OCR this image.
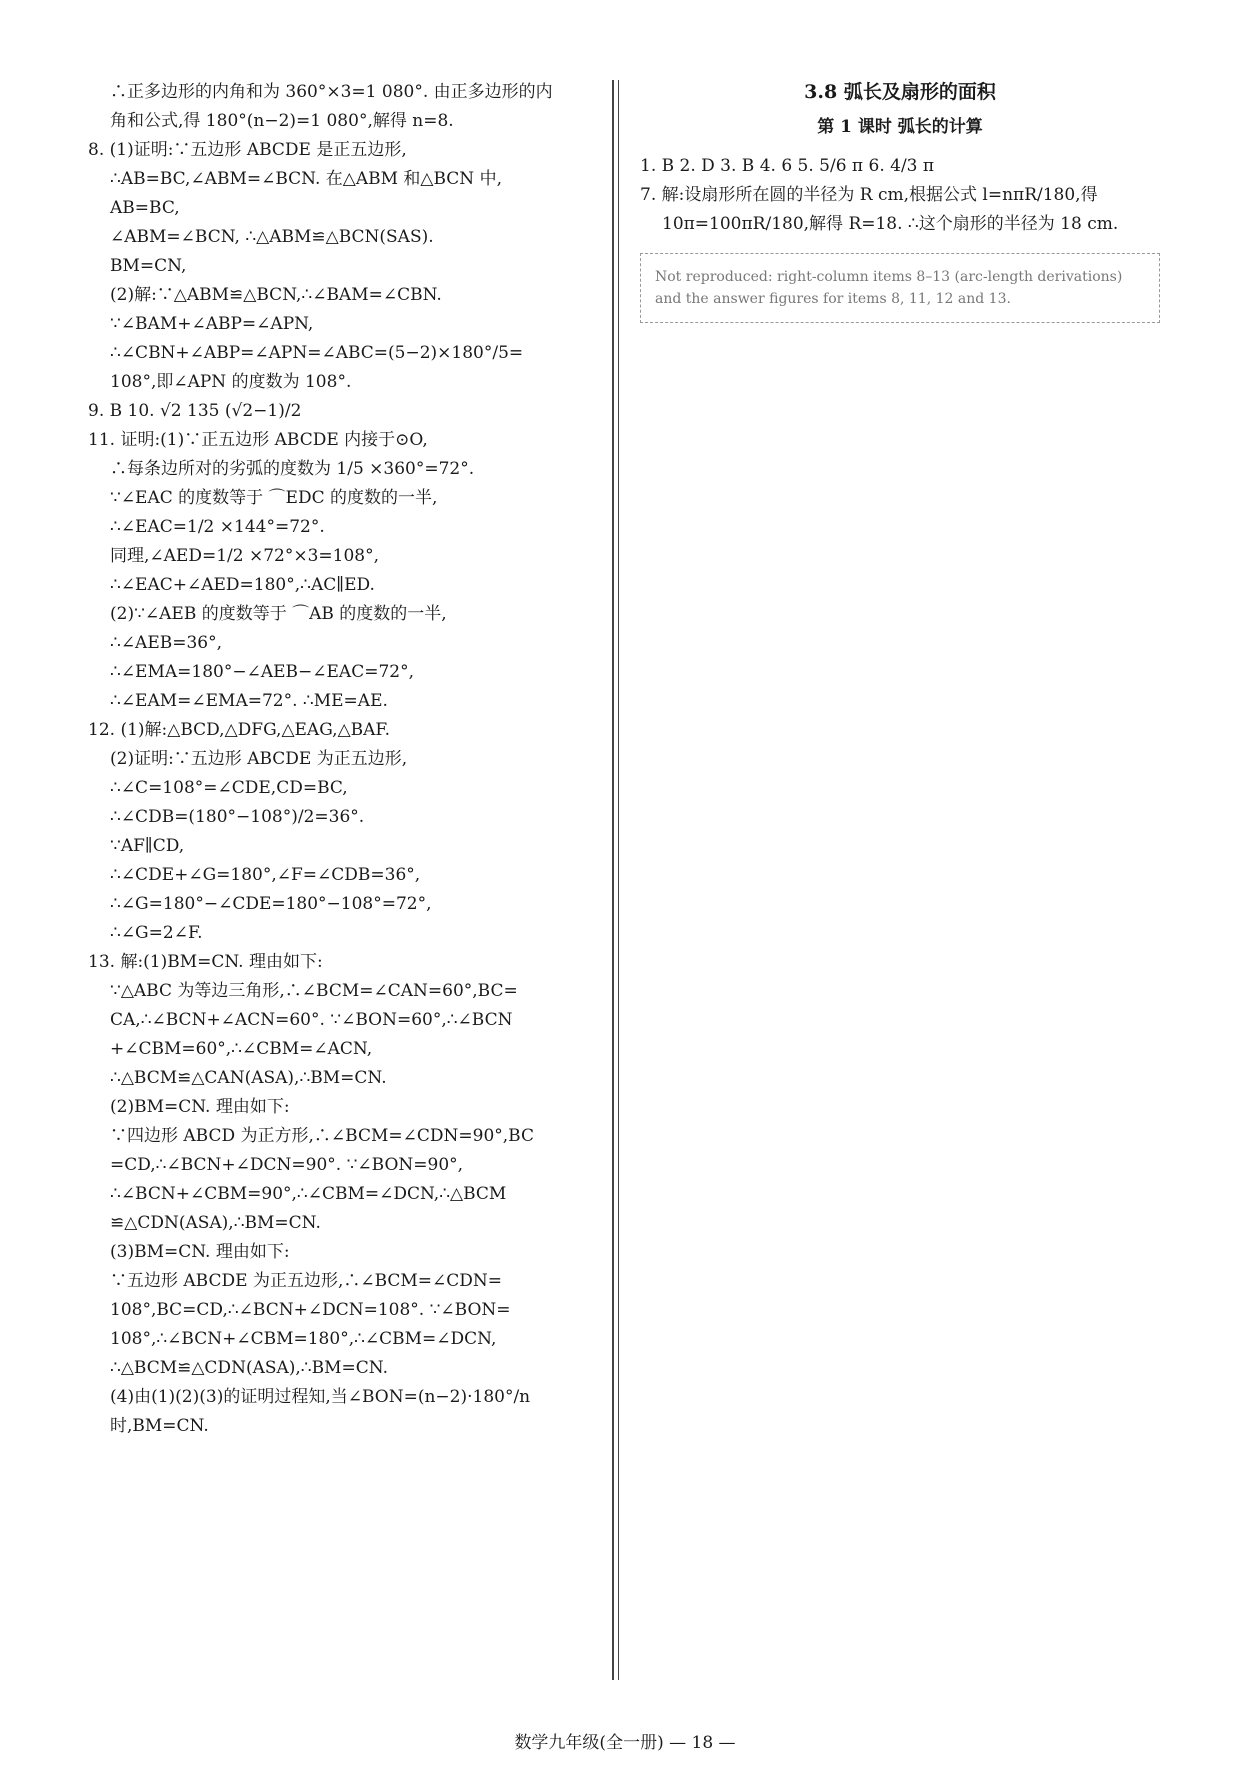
∴正多边形的内角和为 360°×3=1 080°. 由正多边形的内
角和公式,得 180°(n−2)=1 080°,解得 n=8.
8. (1)证明:∵五边形 ABCDE 是正五边形,
∴AB=BC,∠ABM=∠BCN. 在△ABM 和△BCN 中,
AB=BC,
∠ABM=∠BCN, ∴△ABM≌△BCN(SAS).
BM=CN,
(2)解:∵△ABM≌△BCN,∴∠BAM=∠CBN.
∵∠BAM+∠ABP=∠APN,
∴∠CBN+∠ABP=∠APN=∠ABC=(5−2)×180°/5=
108°,即∠APN 的度数为 108°.
9. B 10. √2 135 (√2−1)/2
11. 证明:(1)∵正五边形 ABCDE 内接于⊙O,
∴每条边所对的劣弧的度数为 1/5 ×360°=72°.
∵∠EAC 的度数等于 ⌒EDC 的度数的一半,
∴∠EAC=1/2 ×144°=72°.
同理,∠AED=1/2 ×72°×3=108°,
∴∠EAC+∠AED=180°,∴AC∥ED.
(2)∵∠AEB 的度数等于 ⌒AB 的度数的一半,
∴∠AEB=36°,
∴∠EMA=180°−∠AEB−∠EAC=72°,
∴∠EAM=∠EMA=72°. ∴ME=AE.
12. (1)解:△BCD,△DFG,△EAG,△BAF.
(2)证明:∵五边形 ABCDE 为正五边形,
∴∠C=108°=∠CDE,CD=BC,
∴∠CDB=(180°−108°)/2=36°.
∵AF∥CD,
∴∠CDE+∠G=180°,∠F=∠CDB=36°,
∴∠G=180°−∠CDE=180°−108°=72°,
∴∠G=2∠F.
13. 解:(1)BM=CN. 理由如下:
∵△ABC 为等边三角形,∴∠BCM=∠CAN=60°,BC=
CA,∴∠BCN+∠ACN=60°. ∵∠BON=60°,∴∠BCN
+∠CBM=60°,∴∠CBM=∠ACN,
∴△BCM≌△CAN(ASA),∴BM=CN.
(2)BM=CN. 理由如下:
∵四边形 ABCD 为正方形,∴∠BCM=∠CDN=90°,BC
=CD,∴∠BCN+∠DCN=90°. ∵∠BON=90°,
∴∠BCN+∠CBM=90°,∴∠CBM=∠DCN,∴△BCM
≌△CDN(ASA),∴BM=CN.
(3)BM=CN. 理由如下:
∵五边形 ABCDE 为正五边形,∴∠BCM=∠CDN=
108°,BC=CD,∴∠BCN+∠DCN=108°. ∵∠BON=
108°,∴∠BCN+∠CBM=180°,∴∠CBM=∠DCN,
∴△BCM≌△CDN(ASA),∴BM=CN.
(4)由(1)(2)(3)的证明过程知,当∠BON=(n−2)·180°/n
时,BM=CN.
3.8 弧长及扇形的面积
第 1 课时 弧长的计算
1. B 2. D 3. B 4. 6 5. 5/6 π 6. 4/3 π
7. 解:设扇形所在圆的半径为 R cm,根据公式 l=nπR/180,得
10π=100πR/180,解得 R=18. ∴这个扇形的半径为 18 cm.
Not reproduced: right-column items 8–13 (arc-length derivations) and the answer figures for items 8, 11, 12 and 13.
数学九年级(全一册) — 18 —
